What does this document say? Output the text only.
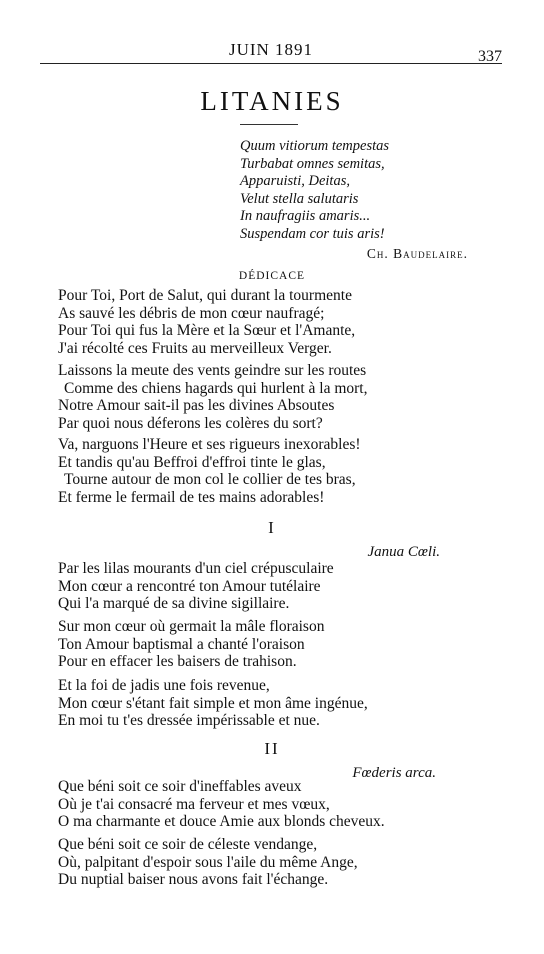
JUIN 1891	337
LITANIES
Quum vitiorum tempestas
Turbabat omnes semitas,
Apparuisti, Deitas,
Velut stella salutaris
In naufragiis amaris...
Suspendam cor tuis aris!
Ch. Baudelaire.
DÉDICACE
Pour Toi, Port de Salut, qui durant la tourmente
As sauvé les débris de mon cœur naufragé;
Pour Toi qui fus la Mère et la Sœur et l'Amante,
J'ai récolté ces Fruits au merveilleux Verger.
Laissons la meute des vents geindre sur les routes
Comme des chiens hagards qui hurlent à la mort,
Notre Amour sait-il pas les divines Absoutes
Par quoi nous déferons les colères du sort?
Va, narguons l'Heure et ses rigueurs inexorables!
Et tandis qu'au Beffroi d'effroi tinte le glas,
Tourne autour de mon col le collier de tes bras,
Et ferme le fermail de tes mains adorables!
I
Janua Cœli.
Par les lilas mourants d'un ciel crépusculaire
Mon cœur a rencontré ton Amour tutélaire
Qui l'a marqué de sa divine sigillaire.
Sur mon cœur où germait la mâle floraison
Ton Amour baptismal a chanté l'oraison
Pour en effacer les baisers de trahison.
Et la foi de jadis une fois revenue,
Mon cœur s'étant fait simple et mon âme ingénue,
En moi tu t'es dressée impérissable et nue.
II
Fœderis arca.
Que béni soit ce soir d'ineffables aveux
Où je t'ai consacré ma ferveur et mes vœux,
O ma charmante et douce Amie aux blonds cheveux.
Que béni soit ce soir de céleste vendange,
Où, palpitant d'espoir sous l'aile du même Ange,
Du nuptial baiser nous avons fait l'échange.
